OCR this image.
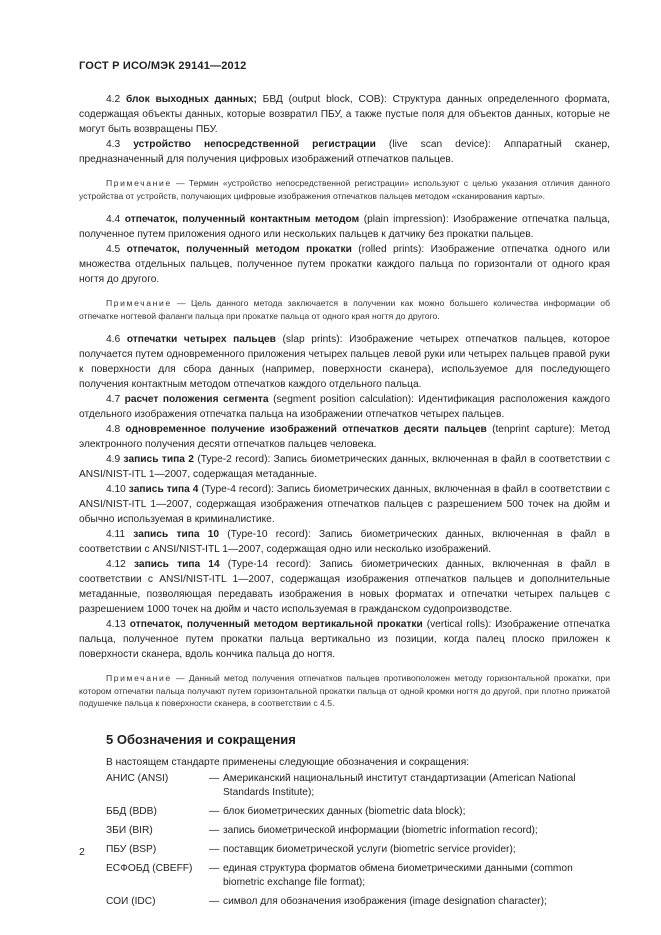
ГОСТ Р ИСО/МЭК 29141—2012

4.2 блок выходных данных; БВД (output block, COB): Структура данных определенного формата, содержащая объекты данных, которые возвратил ПБУ, а также пустые поля для объектов данных, которые не могут быть возвращены ПБУ.

4.3 устройство непосредственной регистрации (live scan device): Аппаратный сканер, предназначенный для получения цифровых изображений отпечатков пальцев.

Примечание — Термин «устройство непосредственной регистрации» используют с целью указания отличия данного устройства от устройств, получающих цифровые изображения отпечатков пальцев методом «сканирования карты».

4.4 отпечаток, полученный контактным методом (plain impression): Изображение отпечатка пальца, полученное путем приложения одного или нескольких пальцев к датчику без прокатки пальцев.

4.5 отпечаток, полученный методом прокатки (rolled prints): Изображение отпечатка одного или множества отдельных пальцев, полученное путем прокатки каждого пальца по горизонтали от одного края ногтя до другого.

Примечание — Цель данного метода заключается в получении как можно большего количества информации об отпечатке ногтевой фаланги пальца при прокатке пальца от одного края ногтя до другого.

4.6 отпечатки четырех пальцев (slap prints): Изображение четырех отпечатков пальцев, которое получается путем одновременного приложения четырех пальцев левой руки или четырех пальцев правой руки к поверхности для сбора данных (например, поверхности сканера), используемое для последующего получения контактным методом отпечатков каждого отдельного пальца.

4.7 расчет положения сегмента (segment position calculation): Идентификация расположения каждого отдельного изображения отпечатка пальца на изображении отпечатков четырех пальцев.

4.8 одновременное получение изображений отпечатков десяти пальцев (tenprint capture): Метод электронного получения десяти отпечатков пальцев человека.

4.9 запись типа 2 (Type-2 record): Запись биометрических данных, включенная в файл в соответствии с ANSI/NIST-ITL 1—2007, содержащая метаданные.

4.10 запись типа 4 (Type-4 record): Запись биометрических данных, включенная в файл в соответствии с ANSI/NIST-ITL 1—2007, содержащая изображения отпечатков пальцев с разрешением 500 точек на дюйм и обычно используемая в криминалистике.

4.11 запись типа 10 (Type-10 record): Запись биометрических данных, включенная в файл в соответствии с ANSI/NIST-ITL 1—2007, содержащая одно или несколько изображений.

4.12 запись типа 14 (Type-14 record): Запись биометрических данных, включенная в файл в соответствии с ANSI/NIST-ITL 1—2007, содержащая изображения отпечатков пальцев и дополнительные метаданные, позволяющая передавать изображения в новых форматах и отпечатки четырех пальцев с разрешением 1000 точек на дюйм и часто используемая в гражданском судопроизводстве.

4.13 отпечаток, полученный методом вертикальной прокатки (vertical rolls): Изображение отпечатка пальца, полученное путем прокатки пальца вертикально из позиции, когда палец плоско приложен к поверхности сканера, вдоль кончика пальца до ногтя.

Примечание — Данный метод получения отпечатков пальцев противоположен методу горизонтальной прокатки, при котором отпечатки пальца получают путем горизонтальной прокатки пальца от одной кромки ногтя до другой, при плотно прижатой подушечке пальца к поверхности сканера, в соответствии с 4.5.

5 Обозначения и сокращения

В настоящем стандарте применены следующие обозначения и сокращения:

АНИС (ANSI)	— Американский национальный институт стандартизации (American National Standards Institute);
ББД (BDB)	— блок биометрических данных (biometric data block);
ЗБИ (BIR)	— запись биометрической информации (biometric information record);
ПБУ (BSP)	— поставщик биометрической услуги (biometric service provider);
ЕСФОБД (CBEFF)	— единая структура форматов обмена биометрическими данными (common biometric exchange file format);
СОИ (IDC)	— символ для обозначения изображения (image designation character);
2
